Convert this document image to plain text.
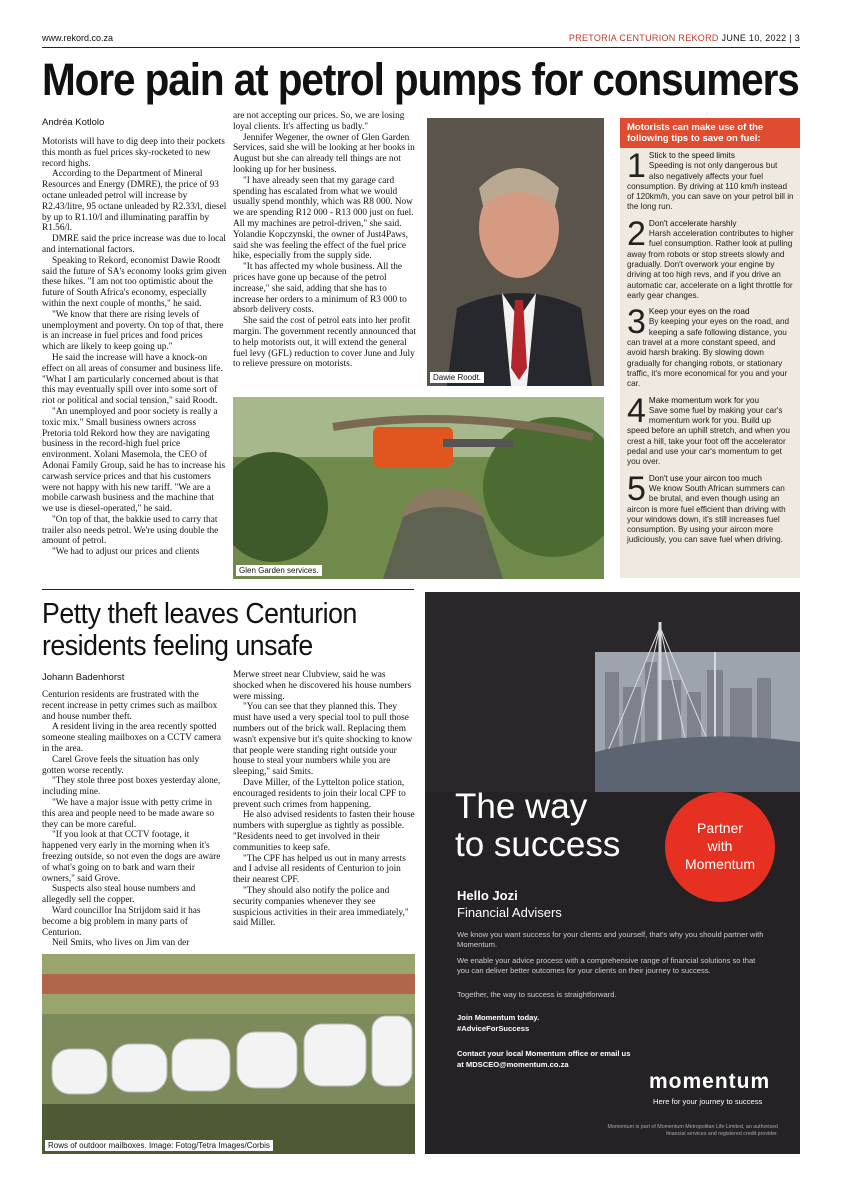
www.rekord.co.za	PRETORIA CENTURION REKORD JUNE 10, 2022 | 3
More pain at petrol pumps for consumers
Andréa Kotlolo

Motorists will have to dig deep into their pockets this month as fuel prices sky-rocketed to new record highs.

According to the Department of Mineral Resources and Energy (DMRE), the price of 93 octane unleaded petrol will increase by R2.43/litre, 95 octane unleaded by R2.33/l, diesel by up to R1.10/l and illuminating paraffin by R1.56/l.

DMRE said the price increase was due to local and international factors.

Speaking to Rekord, economist Dawie Roodt said the future of SA's economy looks grim given these hikes. "I am not too optimistic about the future of South Africa's economy, especially within the next couple of months," he said.

"We know that there are rising levels of unemployment and poverty. On top of that, there is an increase in fuel prices and food prices which are likely to keep going up."

He said the increase will have a knock-on effect on all areas of consumer and business life. "What I am particularly concerned about is that this may eventually spill over into some sort of riot or political and social tension," said Roodt.

"An unemployed and poor society is really a toxic mix." Small business owners across Pretoria told Rekord how they are navigating business in the record-high fuel price environment. Xolani Masemola, the CEO of Adonai Family Group, said he has to increase his carwash service prices and that his customers were not happy with his new tariff. "We are a mobile carwash business and the machine that we use is diesel-operated," he said.

"On top of that, the bakkie used to carry that trailer also needs petrol. We're using double the amount of petrol.

"We had to adjust our prices and clients

are not accepting our prices. So, we are losing loyal clients. It's affecting us badly."

Jennifer Wegener, the owner of Glen Garden Services, said she will be looking at her books in August but she can already tell things are not looking up for her business.

"I have already seen that my garage card spending has escalated from what we would usually spend monthly, which was R8 000. Now we are spending R12 000 - R13 000 just on fuel. All my machines are petrol-driven," she said. Yolandie Kopczynski, the owner of Just4Paws, said she was feeling the effect of the fuel price hike, especially from the supply side.

"It has affected my whole business. All the prices have gone up because of the petrol increase," she said, adding that she has to increase her orders to a minimum of R3 000 to absorb delivery costs.

She said the cost of petrol eats into her profit margin. The government recently announced that to help motorists out, it will extend the general fuel levy (GFL) reduction to cover June and July to relieve pressure on motorists.

Dawie Roodt.
Glen Garden services.
Motorists can make use of the following tips to save on fuel:
1 Stick to the speed limits
Speeding is not only dangerous but also negatively affects your fuel consumption. By driving at 110 km/h instead of 120km/h, you can save on your petrol bill in the long run.
2 Don't accelerate harshly
Harsh acceleration contributes to higher fuel consumption. Rather look at pulling away from robots or stop streets slowly and gradually. Don't overwork your engine by driving at too high revs, and if you drive an automatic car, accelerate on a light throttle for early gear changes.
3 Keep your eyes on the road
By keeping your eyes on the road, and keeping a safe following distance, you can travel at a more constant speed, and avoid harsh braking. By slowing down gradually for changing robots, or stationary traffic, it's more economical for you and your car.
4 Make momentum work for you
Save some fuel by making your car's momentum work for you. Build up speed before an uphill stretch, and when you crest a hill, take your foot off the accelerator pedal and use your car's momentum to get you over.
5 Don't use your aircon too much
We know South African summers can be brutal, and even though using an aircon is more fuel efficient than driving with your windows down, it's still increases fuel consumption. By using your aircon more judiciously, you can save fuel when driving.
Petty theft leaves Centurion residents feeling unsafe
Johann Badenhorst

Centurion residents are frustrated with the recent increase in petty crimes such as mailbox and house number theft.

A resident living in the area recently spotted someone stealing mailboxes on a CCTV camera in the area.

Carel Grove feels the situation has only gotten worse recently.

"They stole three post boxes yesterday alone, including mine.

"We have a major issue with petty crime in this area and people need to be made aware so they can be more careful.

"If you look at that CCTV footage, it happened very early in the morning when it's freezing outside, so not even the dogs are aware of what's going on to bark and warn their owners," said Grove.

Suspects also steal house numbers and allegedly sell the copper.

Ward councillor Ina Strijdom said it has become a big problem in many parts of Centurion.

Neil Smits, who lives on Jim van der

Merwe street near Clubview, said he was shocked when he discovered his house numbers were missing.

"You can see that they planned this. They must have used a very special tool to pull those numbers out of the brick wall. Replacing them wasn't expensive but it's quite shocking to know that people were standing right outside your house to steal your numbers while you are sleeping," said Smits.

Dave Miller, of the Lyttelton police station, encouraged residents to join their local CPF to prevent such crimes from happening.

He also advised residents to fasten their house numbers with superglue as tightly as possible. "Residents need to get involved in their communities to keep safe.

"The CPF has helped us out in many arrests and I advise all residents of Centurion to join their nearest CPF.

"They should also notify the police and security companies whenever they see suspicious activities in their area immediately," said Miller.

Rows of outdoor mailboxes. Image: Fotog/Tetra Images/Corbis
The way
to success	Partner
with
Momentum
Hello Jozi
Financial Advisers
We know you want success for your clients and yourself, that's why you should partner with Momentum.
We enable your advice process with a comprehensive range of financial solutions so that you can deliver better outcomes for your clients on their journey to success.
Together, the way to success is straightforward.
Join Momentum today.
#AdviceForSuccess
Contact your local Momentum office or email us
at MDSCEO@momentum.co.za
momentum
Here for your journey to success
Momentum is part of Momentum Metropolitan Life Limited, an authorised financial services and registered credit provider.
